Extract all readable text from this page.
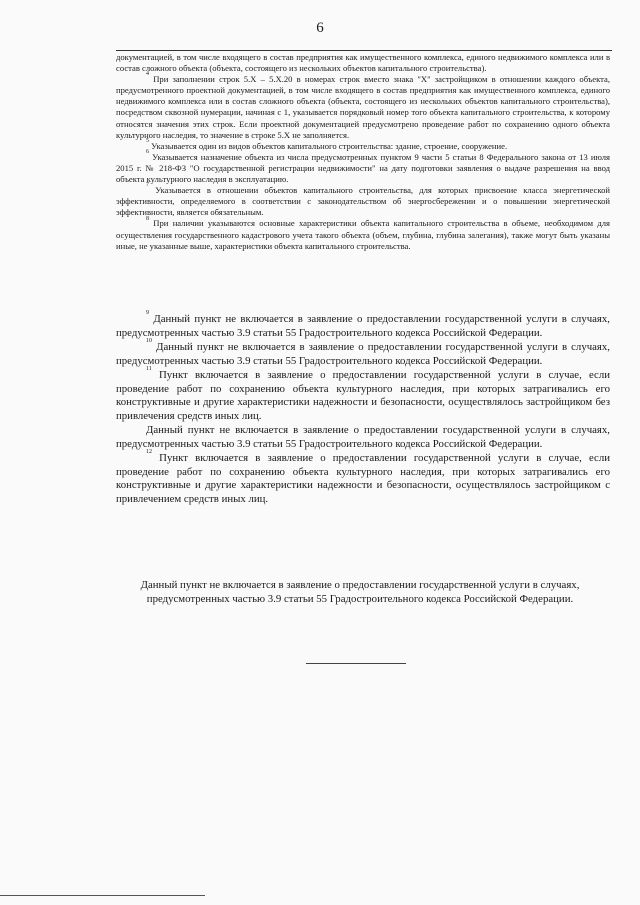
6

документацией, в том числе входящего в состав предприятия как имущественного комплекса, единого недвижимого комплекса или в состав сложного объекта (объекта, состоящего из нескольких объектов капитального строительства).

$^4$ При заполнении строк 5.X – 5.X.20 в номерах строк вместо знака "X" застройщиком в отношении каждого объекта, предусмотренного проектной документацией, в том числе входящего в состав предприятия как имущественного комплекса, единого недвижимого комплекса или в состав сложного объекта (объекта, состоящего из нескольких объектов капитального строительства), посредством сквозной нумерации, начиная с 1, указывается порядковый номер того объекта капитального строительства, к которому относятся значения этих строк. Если проектной документацией предусмотрено проведение работ по сохранению одного объекта культурного наследия, то значение в строке 5.X не заполняется.

$^5$ Указывается один из видов объектов капитального строительства: здание, строение, сооружение.

$^6$ Указывается назначение объекта из числа предусмотренных пунктом 9 части 5 статьи 8 Федерального закона от 13 июля 2015 г. № 218-ФЗ "О государственной регистрации недвижимости" на дату подготовки заявления о выдаче разрешения на ввод объекта культурного наследия в эксплуатацию.

$^7$ Указывается в отношении объектов капитального строительства, для которых присвоение класса энергетической эффективности, определяемого в соответствии с законодательством об энергосбережении и о повышении энергетической эффективности, является обязательным.

$^8$ При наличии указываются основные характеристики объекта капитального строительства в объеме, необходимом для осуществления государственного кадастрового учета такого объекта (объем, глубина, глубина залегания), также могут быть указаны иные, не указанные выше, характеристики объекта капитального строительства.

$^9$ Данный пункт не включается в заявление о предоставлении государственной услуги в случаях, предусмотренных частью 3.9 статьи 55 Градостроительного кодекса Российской Федерации.

$^{10}$ Данный пункт не включается в заявление о предоставлении государственной услуги в случаях, предусмотренных частью 3.9 статьи 55 Градостроительного кодекса Российской Федерации.

$^{11}$ Пункт включается в заявление о предоставлении государственной услуги в случае, если проведение работ по сохранению объекта культурного наследия, при которых затрагивались его конструктивные и другие характеристики надежности и безопасности, осуществлялось застройщиком без привлечения средств иных лиц.

Данный пункт не включается в заявление о предоставлении государственной услуги в случаях, предусмотренных частью 3.9 статьи 55 Градостроительного кодекса Российской Федерации.

$^{12}$ Пункт включается в заявление о предоставлении государственной услуги в случае, если проведение работ по сохранению объекта культурного наследия, при которых затрагивались его конструктивные и другие характеристики надежности и безопасности, осуществлялось застройщиком с привлечением средств иных лиц.

Данный пункт не включается в заявление о предоставлении государственной услуги в случаях, предусмотренных частью 3.9 статьи 55 Градостроительного кодекса Российской Федерации.
